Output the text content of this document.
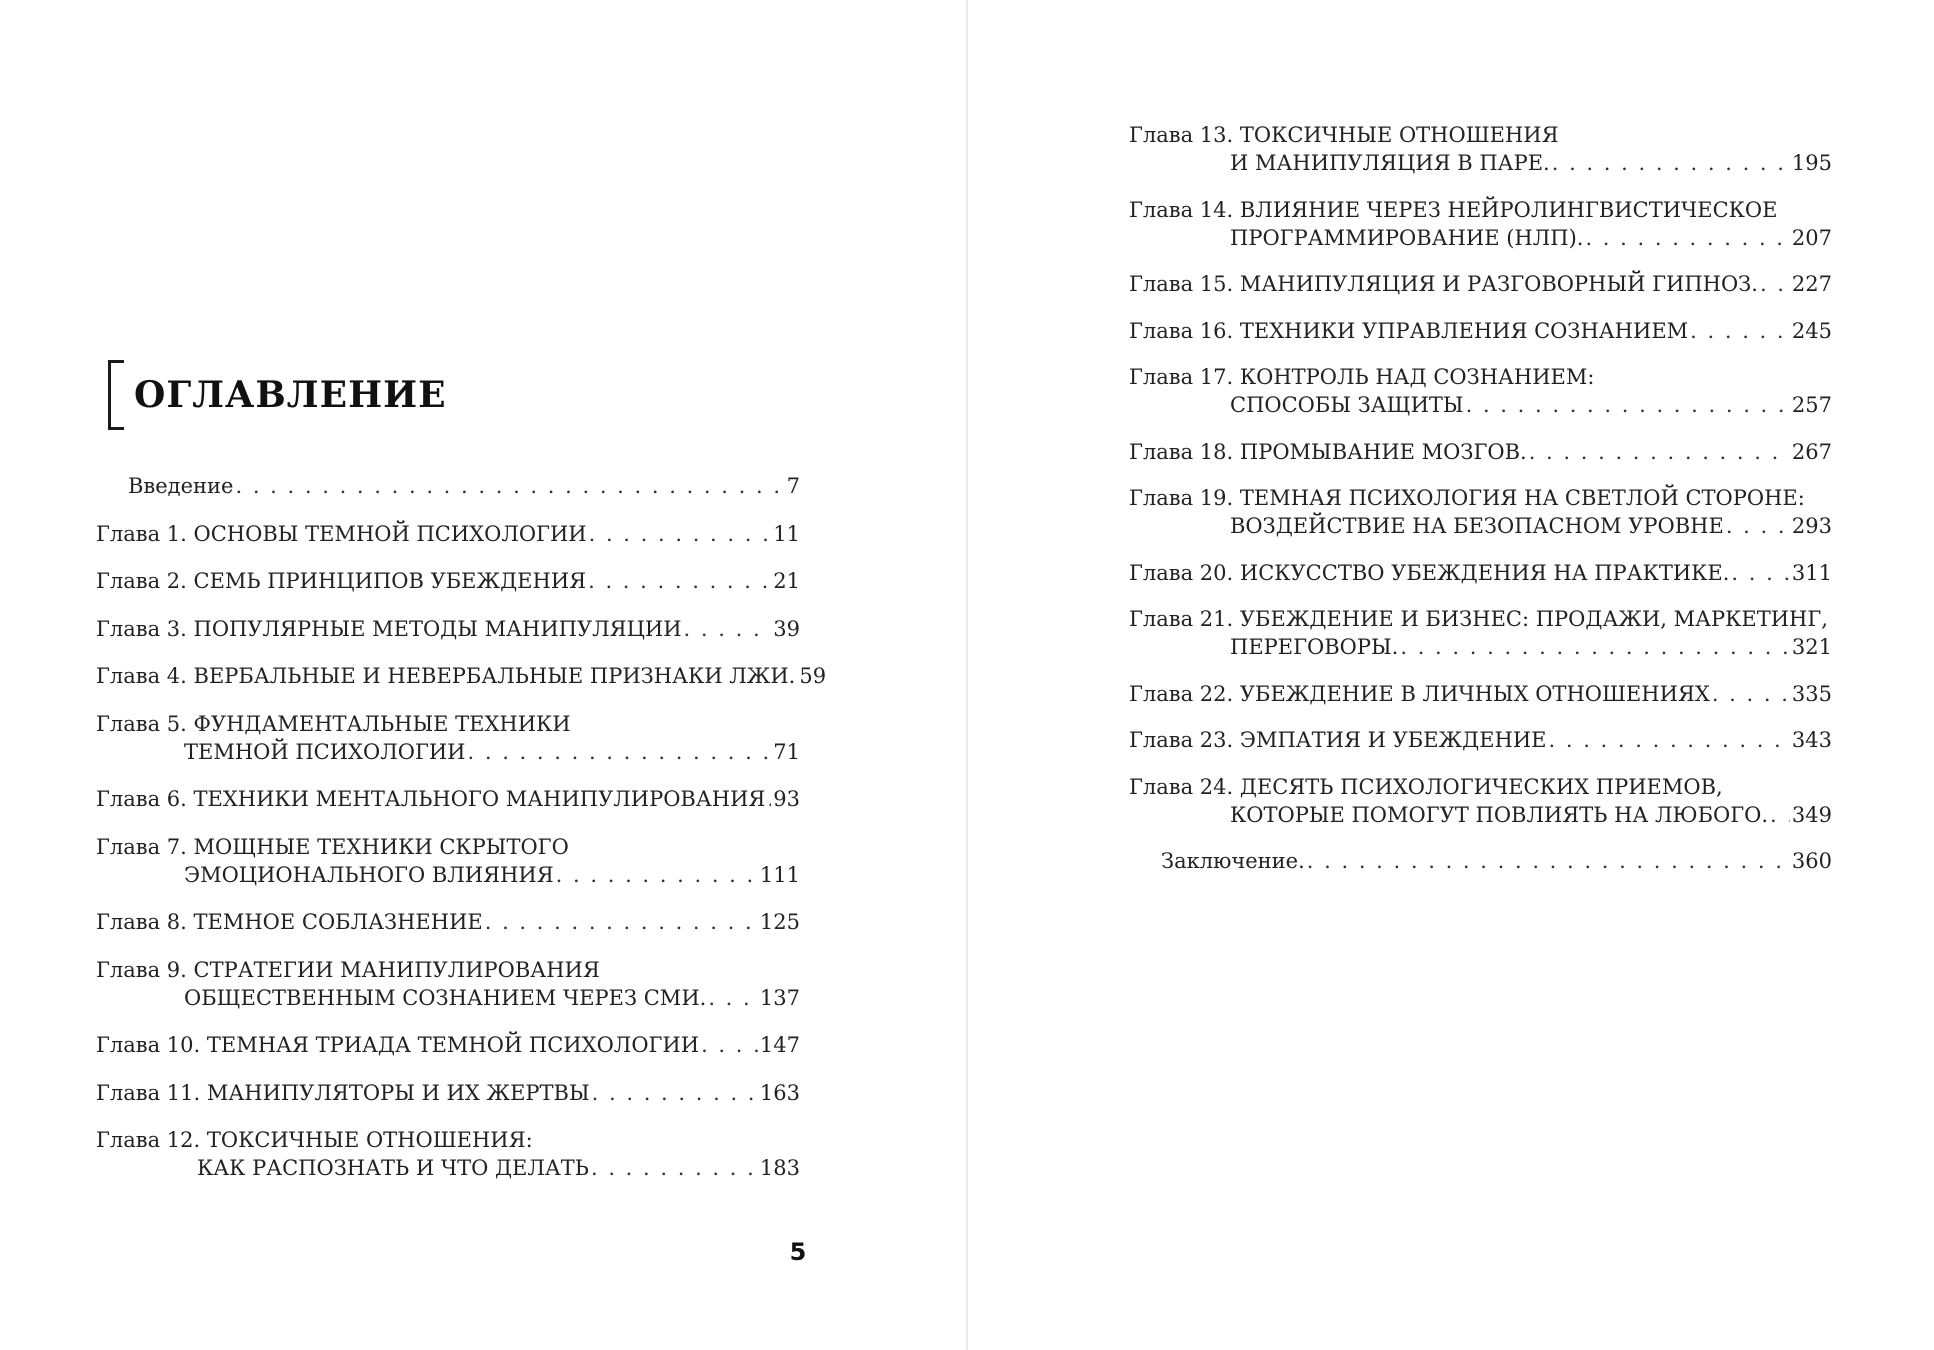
ОГЛАВЛЕНИЕ
Введение . . .	7
Глава 1.
ОСНОВЫ ТЕМНОЙ ПСИХОЛОГИИ . . .	11
Глава 2.
СЕМЬ ПРИНЦИПОВ УБЕЖДЕНИЯ . . .	21
Глава 3.
ПОПУЛЯРНЫЕ МЕТОДЫ МАНИПУЛЯЦИИ . . .	39
Глава 4.
ВЕРБАЛЬНЫЕ И НЕВЕРБАЛЬНЫЕ ПРИЗНАКИ ЛЖИ. 59
Глава 5.
ФУНДАМЕНТАЛЬНЫЕ ТЕХНИКИ
ТЕМНОЙ ПСИХОЛОГИИ . . .	71
Глава 6.
ТЕХНИКИ МЕНТАЛЬНОГО МАНИПУЛИРОВАНИЯ . . . 93
Глава 7.
МОЩНЫЕ ТЕХНИКИ СКРЫТОГО
ЭМОЦИОНАЛЬНОГО ВЛИЯНИЯ . . .	111
Глава 8.
ТЕМНОЕ СОБЛАЗНЕНИЕ . . .	125
Глава 9.
СТРАТЕГИИ МАНИПУЛИРОВАНИЯ
ОБЩЕСТВЕННЫМ СОЗНАНИЕМ ЧЕРЕЗ СМИ. . . .	137
Глава 10.
ТЕМНАЯ ТРИАДА ТЕМНОЙ ПСИХОЛОГИИ . . .	147
Глава 11.
МАНИПУЛЯТОРЫ И ИХ ЖЕРТВЫ . . .	163
Глава 12.
ТОКСИЧНЫЕ ОТНОШЕНИЯ:
КАК РАСПОЗНАТЬ И ЧТО ДЕЛАТЬ . . .	183
5
Глава 13.
ТОКСИЧНЫЕ ОТНОШЕНИЯ
И МАНИПУЛЯЦИЯ В ПАРЕ. . . .	195
Глава 14.
ВЛИЯНИЕ ЧЕРЕЗ НЕЙРОЛИНГВИСТИЧЕСКОЕ
ПРОГРАММИРОВАНИЕ (НЛП). . . .	207
Глава 15.
МАНИПУЛЯЦИЯ И РАЗГОВОРНЫЙ ГИПНОЗ. . . . 227
Глава 16.
ТЕХНИКИ УПРАВЛЕНИЯ СОЗНАНИЕМ . . .	245
Глава 17.
КОНТРОЛЬ НАД СОЗНАНИЕМ:
СПОСОБЫ ЗАЩИТЫ . . .	257
Глава 18.
ПРОМЫВАНИЕ МОЗГОВ. . . .	267
Глава 19.
ТЕМНАЯ ПСИХОЛОГИЯ НА СВЕТЛОЙ СТОРОНЕ:
ВОЗДЕЙСТВИЕ НА БЕЗОПАСНОМ УРОВНЕ . . .	293
Глава 20.
ИСКУССТВО УБЕЖДЕНИЯ НА ПРАКТИКЕ. . . .	311
Глава 21.
УБЕЖДЕНИЕ И БИЗНЕС: ПРОДАЖИ, МАРКЕТИНГ,
ПЕРЕГОВОРЫ. . . .	321
Глава 22.
УБЕЖДЕНИЕ В ЛИЧНЫХ ОТНОШЕНИЯХ . . .	335
Глава 23.
ЭМПАТИЯ И УБЕЖДЕНИЕ . . .	343
Глава 24.
ДЕСЯТЬ ПСИХОЛОГИЧЕСКИХ ПРИЕМОВ,
КОТОРЫЕ ПОМОГУТ ПОВЛИЯТЬ НА ЛЮБОГО. . . . 349
Заключение. . . .	360
